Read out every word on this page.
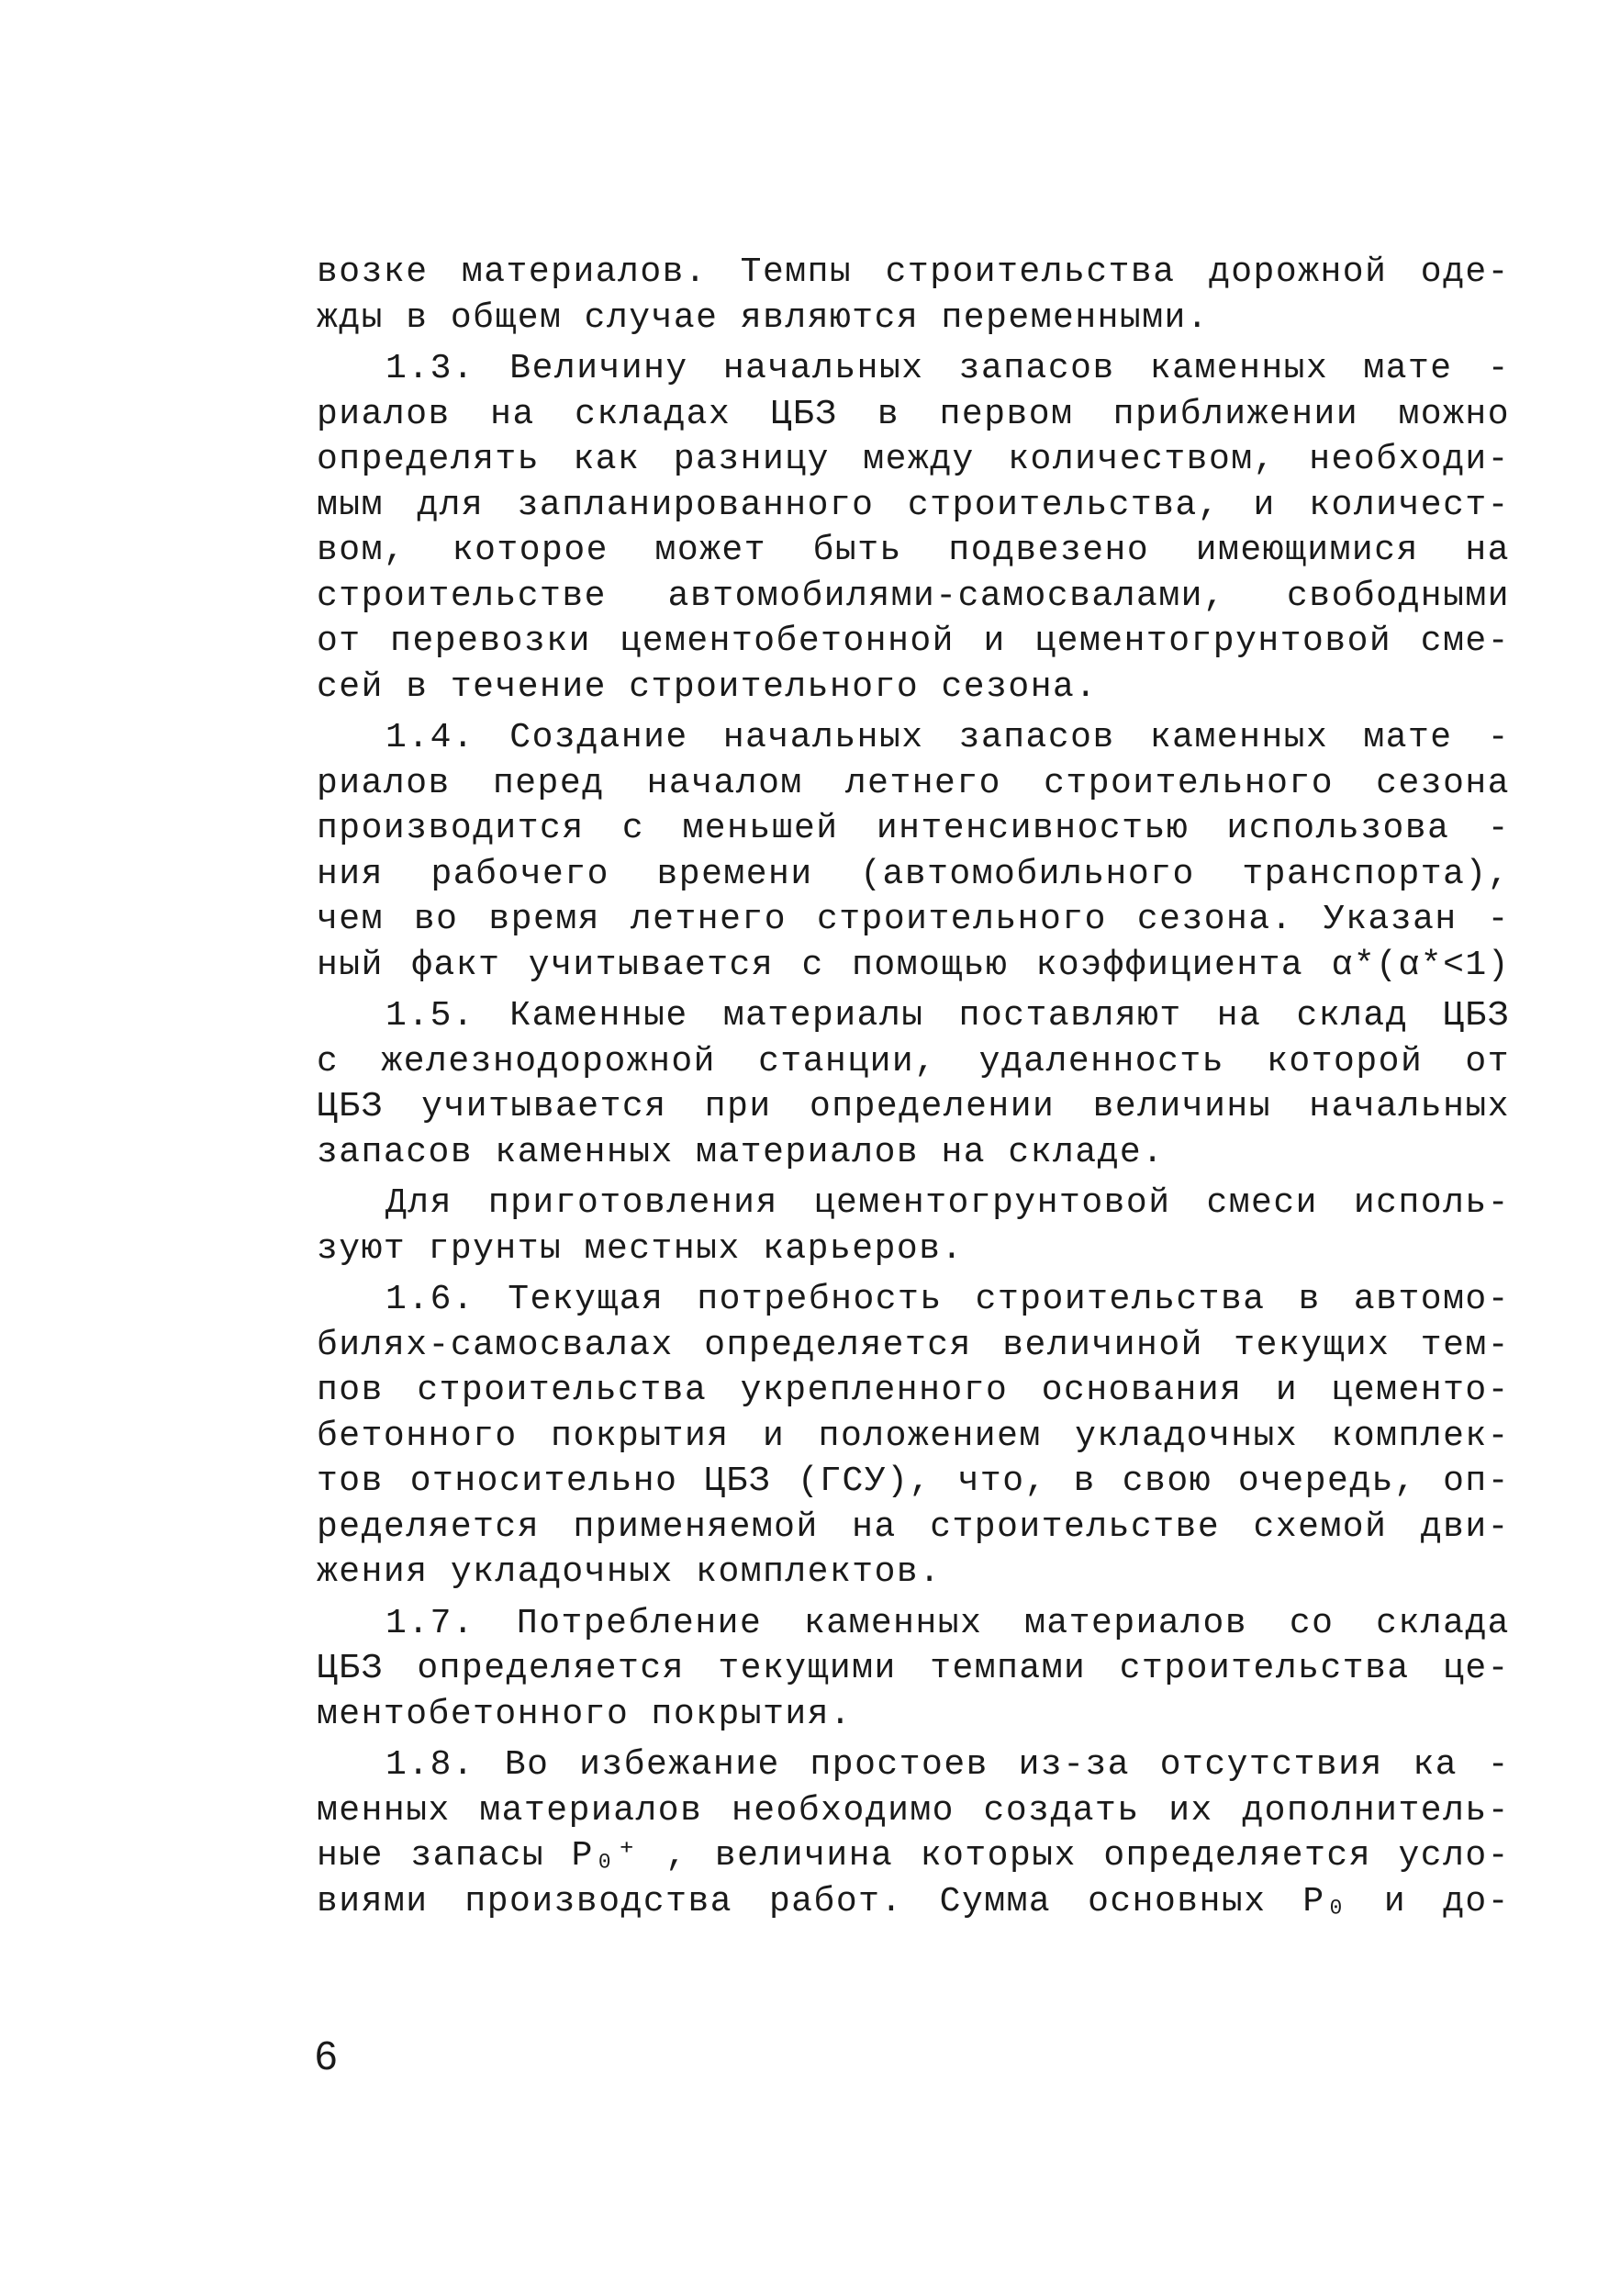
возке материалов. Темпы строительства дорожной оде-
жды в общем случае являются переменными.
1.3. Величину начальных запасов каменных мате -
риалов на складах ЦБЗ в первом приближении можно
определять как разницу между количеством, необходи-
мым для запланированного строительства, и количест-
вом, которое может быть подвезено имеющимися на
строительстве автомобилями-самосвалами, свободными
от перевозки цементобетонной и цементогрунтовой сме-
сей в течение строительного сезона.
1.4. Создание начальных запасов каменных мате -
риалов перед началом летнего строительного сезона
производится с меньшей интенсивностью использова -
ния рабочего времени (автомобильного транспорта),
чем во время летнего строительного сезона. Указан -
ный факт учитывается с помощью коэффициента α*(α*<1)
1.5. Каменные материалы поставляют на склад ЦБЗ
с железнодорожной станции, удаленность которой от
ЦБЗ учитывается при определении величины начальных
запасов каменных материалов на складе.
Для приготовления цементогрунтовой смеси исполь-
зуют грунты местных карьеров.
1.6. Текущая потребность строительства в автомо-
билях-самосвалах определяется величиной текущих тем-
пов строительства укрепленного основания и цементо-
бетонного покрытия и положением укладочных комплек-
тов относительно ЦБЗ (ГСУ), что, в свою очередь, оп-
ределяется применяемой на строительстве схемой дви-
жения укладочных комплектов.
1.7. Потребление каменных материалов со склада
ЦБЗ определяется текущими темпами строительства це-
ментобетонного покрытия.
1.8. Во избежание простоев из-за отсутствия ка -
менных материалов необходимо создать их дополнитель-
ные запасы P₀⁺ , величина которых определяется усло-
виями производства работ. Сумма основных P₀ и до-
6
